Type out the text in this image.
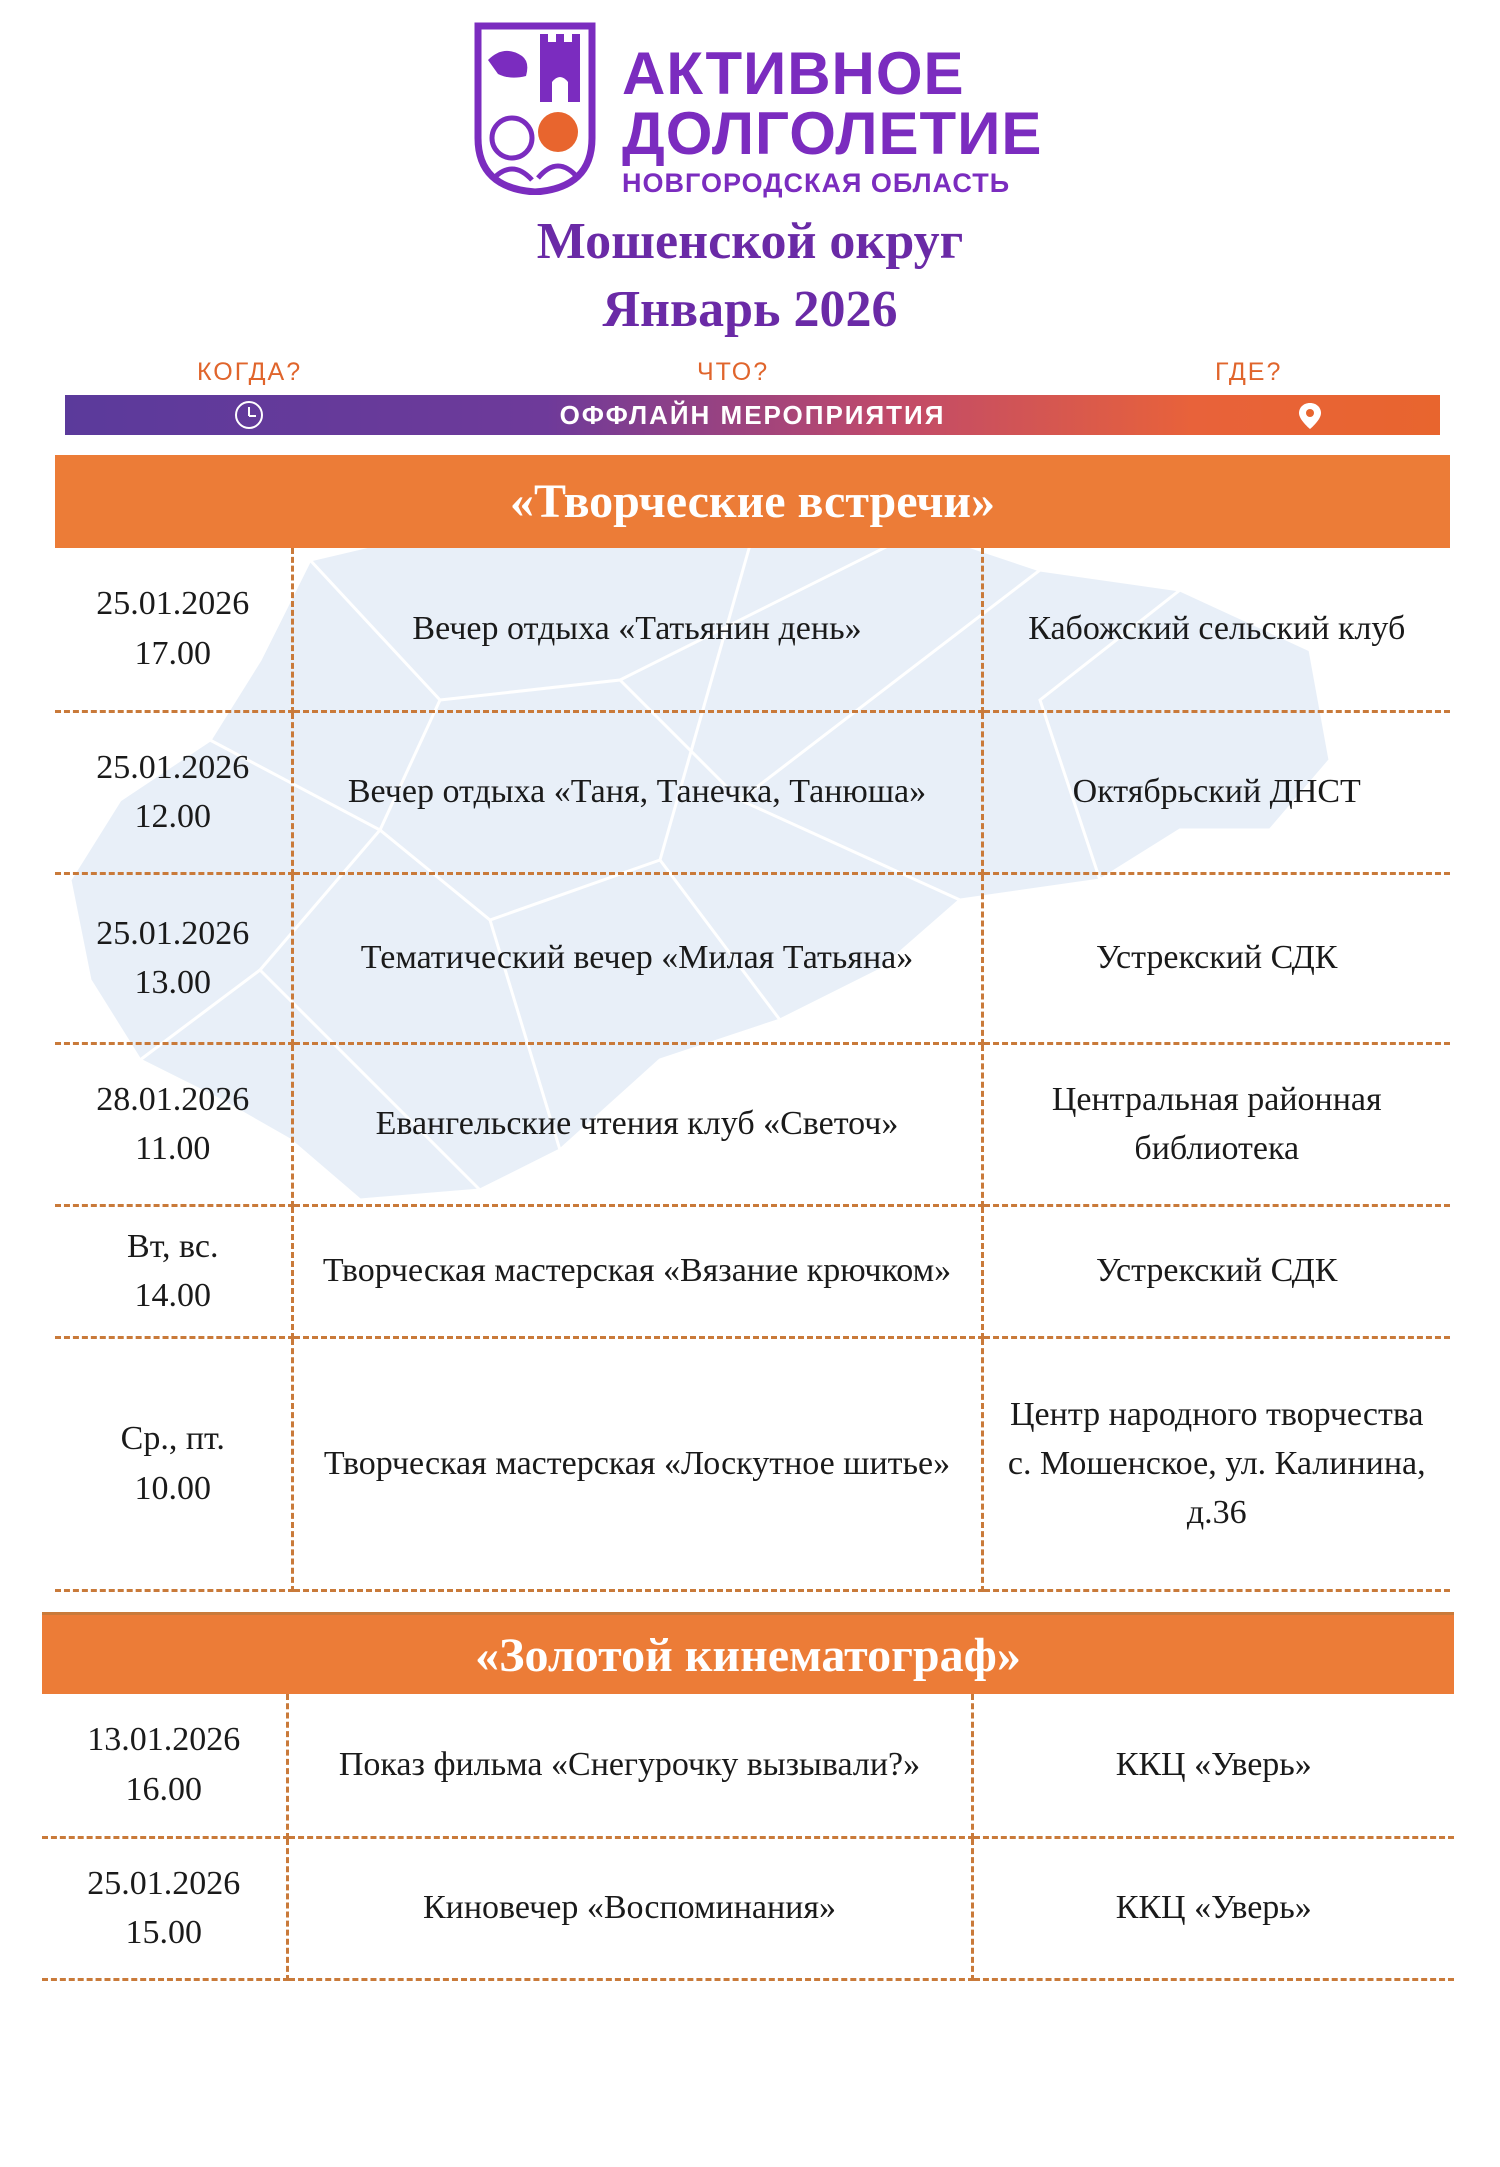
АКТИВНОЕ
ДОЛГОЛЕТИЕ
НОВГОРОДСКАЯ ОБЛАСТЬ
Мошенской округ
Январь 2026
КОГДА?	ЧТО?	ГДЕ?
ОФФЛАЙН МЕРОПРИЯТИЯ
«Творческие встречи»
25.01.2026
17.00	Вечер отдыха «Татьянин день»	Кабожский сельский клуб

25.01.2026
12.00	Вечер отдыха «Таня, Танечка, Танюша»	Октябрьский ДНСТ

25.01.2026
13.00	Тематический вечер «Милая Татьяна»	Устрекский СДК

28.01.2026
11.00	Евангельские чтения клуб «Светоч»	Центральная районная библиотека

Вт, вс.
14.00	Творческая мастерская «Вязание крючком»	Устрекский СДК

Ср., пт.
10.00	Творческая мастерская «Лоскутное шитье»	Центр народного творчества с. Мошенское, ул. Калинина, д.36
«Золотой кинематограф»
13.01.2026
16.00	Показ фильма «Снегурочку вызывали?»	ККЦ «Уверь»

25.01.2026
15.00	Киновечер «Воспоминания»	ККЦ «Уверь»
